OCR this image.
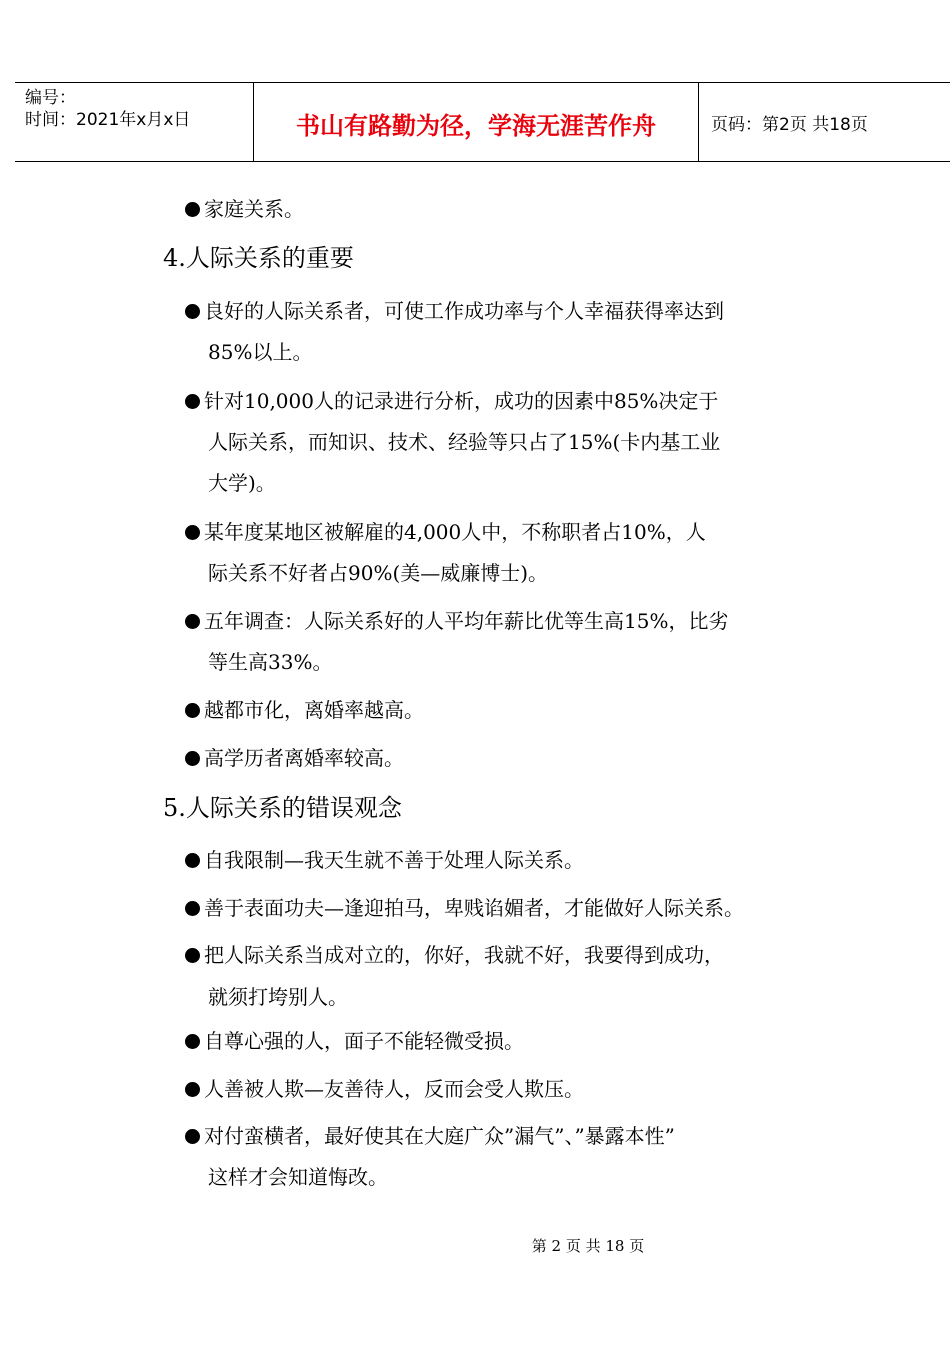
编号：
时间：2021年x月x日	书山有路勤为径，学海无涯苦作舟	页码：第2页 共18页
家庭关系。
4.人际关系的重要
良好的人际关系者，可使工作成功率与个人幸福获得率达到
85%以上。
针对10,000人的记录进行分析，成功的因素中85%决定于
人际关系，而知识、技术、经验等只占了15%(卡内基工业
大学)。
某年度某地区被解雇的4,000人中，不称职者占10%，人
际关系不好者占90%(美—威廉博士)。
五年调查：人际关系好的人平均年薪比优等生高15%，比劣
等生高33%。
越都市化，离婚率越高。
高学历者离婚率较高。
5.人际关系的错误观念
自我限制—我天生就不善于处理人际关系。
善于表面功夫—逢迎拍马，卑贱谄媚者，才能做好人际关系。
把人际关系当成对立的，你好，我就不好，我要得到成功，
就须打垮别人。
自尊心强的人，面子不能轻微受损。
人善被人欺—友善待人，反而会受人欺压。
对付蛮横者，最好使其在大庭广众”漏气”、”暴露本性”
这样才会知道悔改。
第 2 页 共 18 页
